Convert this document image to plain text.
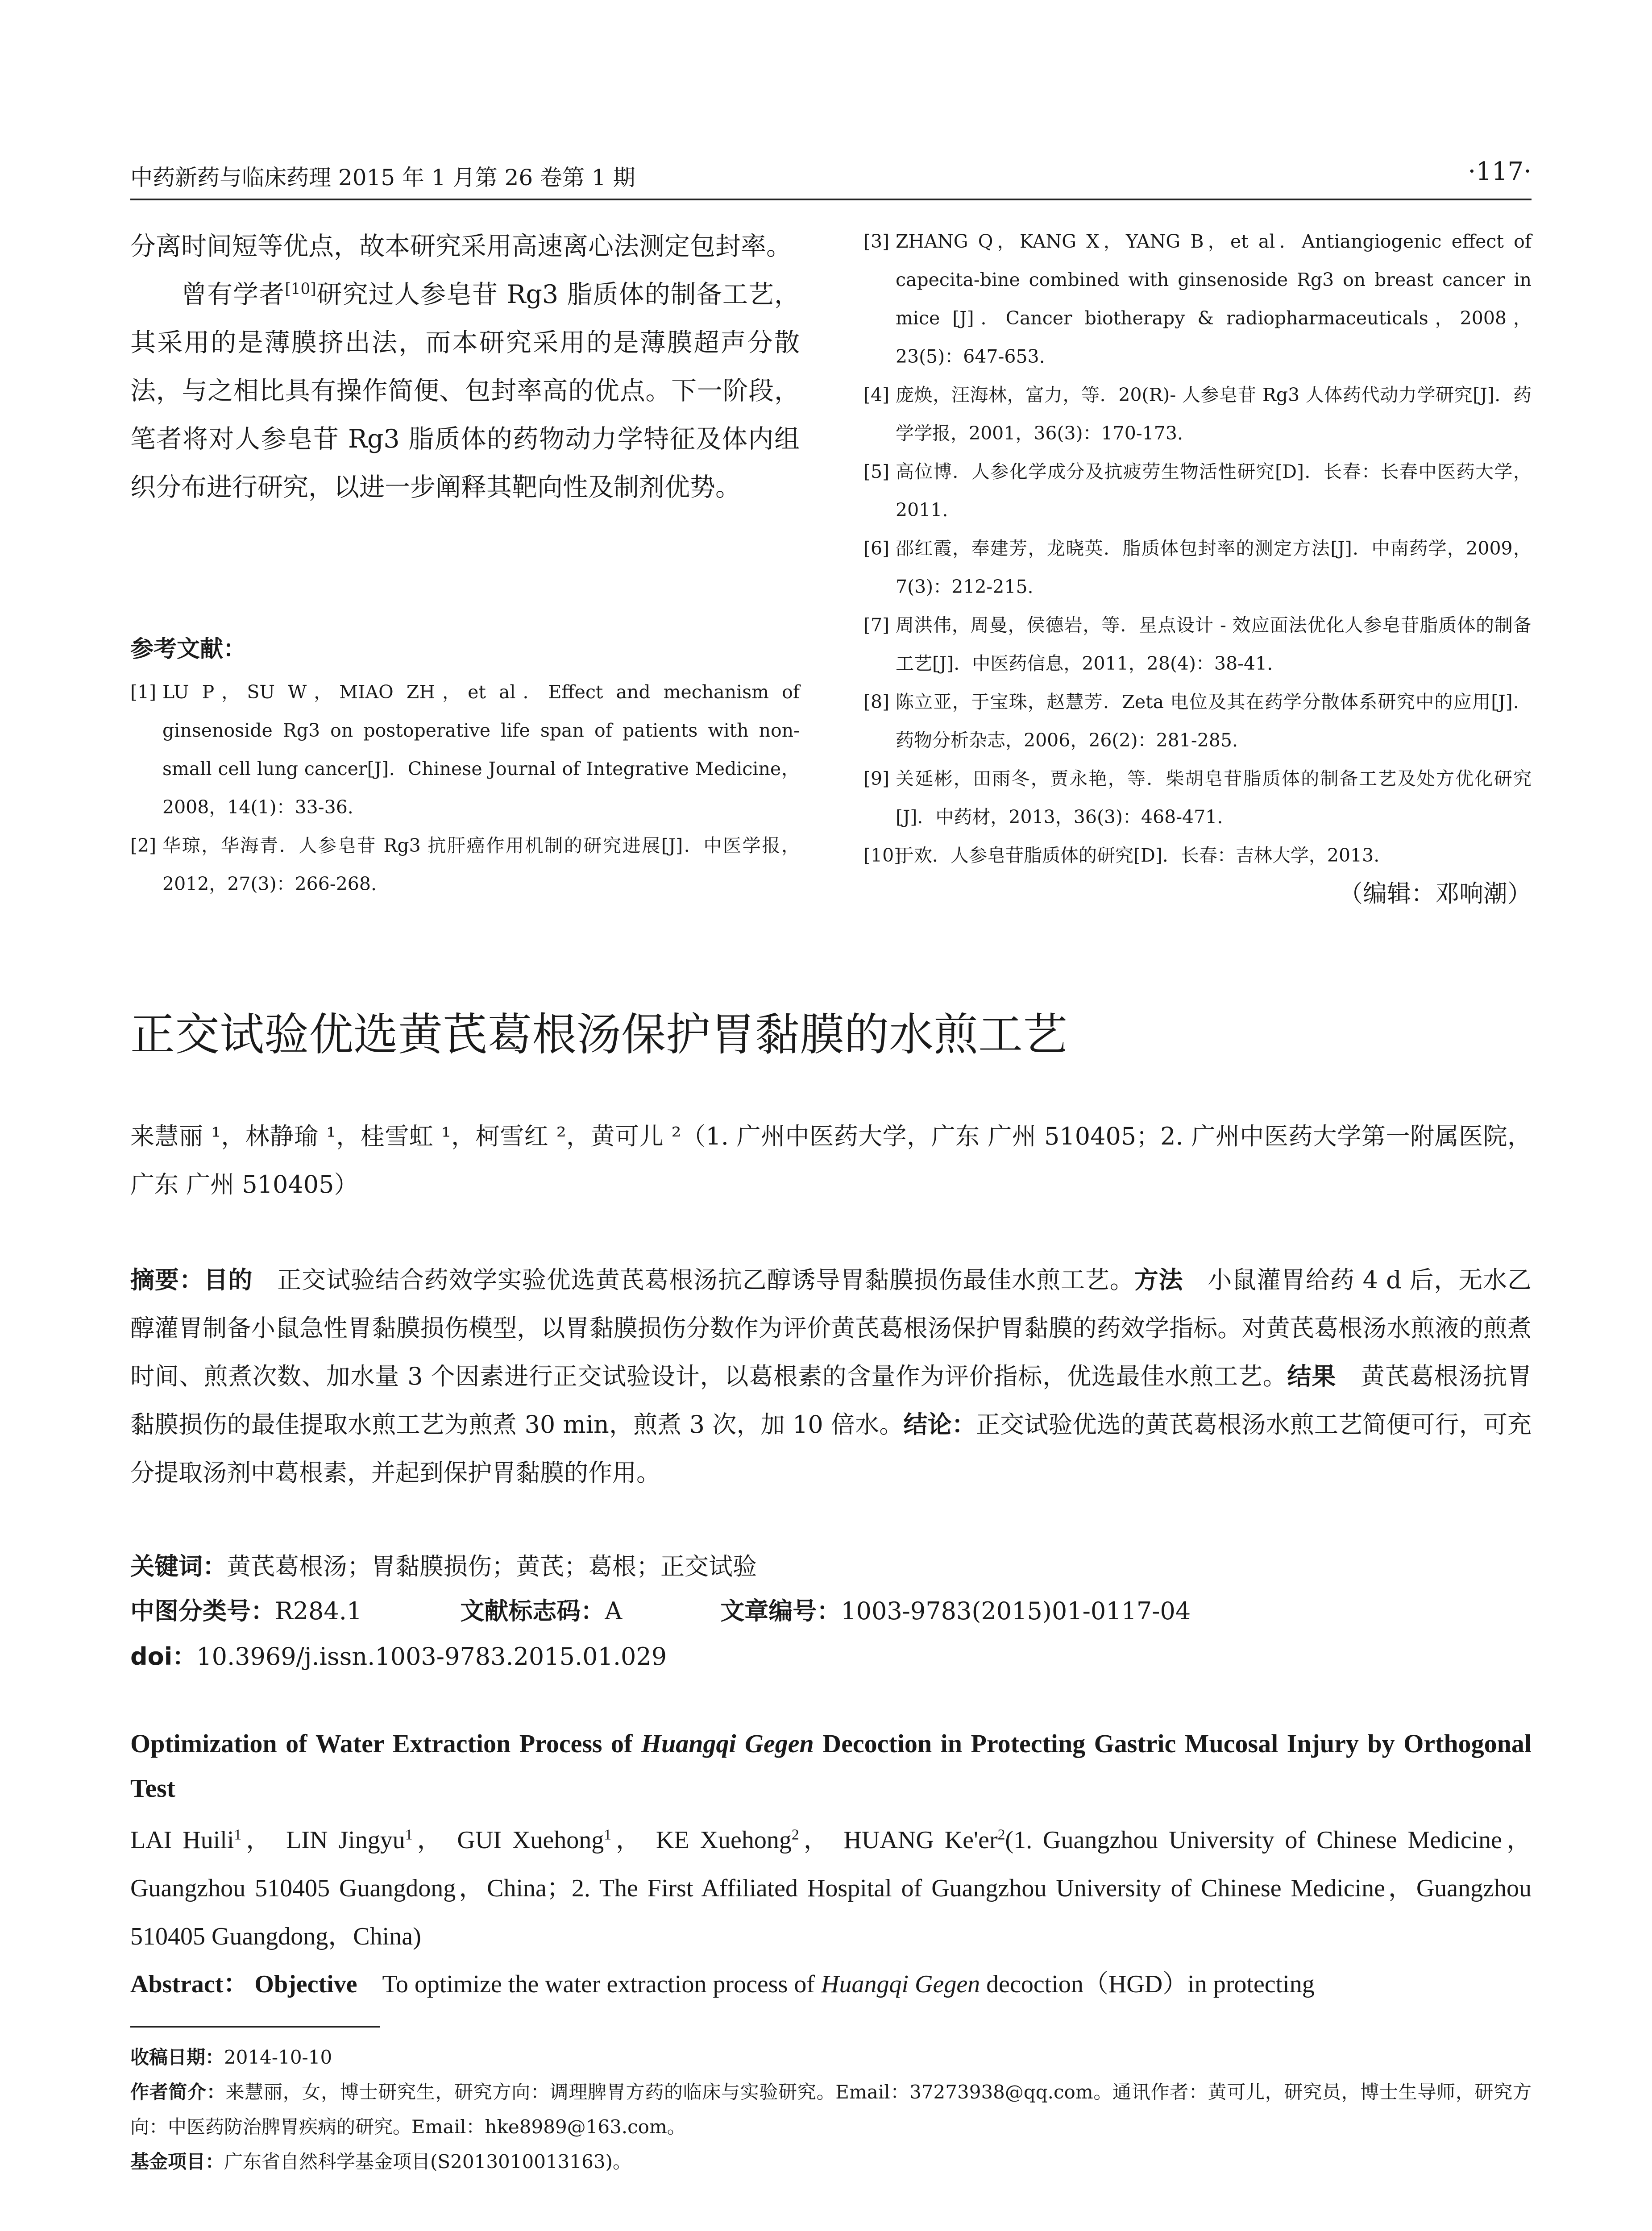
中药新药与临床药理 2015 年 1 月第 26 卷第 1 期	·117·

分离时间短等优点，故本研究采用高速离心法测定包封率。

曾有学者[10]研究过人参皂苷 Rg3 脂质体的制备工艺，其采用的是薄膜挤出法，而本研究采用的是薄膜超声分散法，与之相比具有操作简便、包封率高的优点。下一阶段，笔者将对人参皂苷 Rg3 脂质体的药物动力学特征及体内组织分布进行研究，以进一步阐释其靶向性及制剂优势。

参考文献：
[1] LU P，SU W，MIAO ZH，et al．Effect and mechanism of ginsenoside Rg3 on postoperative life span of patients with non-small cell lung cancer[J]．Chinese Journal of Integrative Medicine，2008，14(1)：33-36.
[2] 华琼，华海青．人参皂苷 Rg3 抗肝癌作用机制的研究进展[J]．中医学报，2012，27(3)：266-268.
[3] ZHANG Q，KANG X，YANG B，et al．Antiangiogenic effect of capecita-bine combined with ginsenoside Rg3 on breast cancer in mice [J]．Cancer biotherapy & radiopharmaceuticals，2008，23(5)：647-653.
[4] 庞焕，汪海林，富力，等．20(R)- 人参皂苷 Rg3 人体药代动力学研究[J]．药学学报，2001，36(3)：170-173.
[5] 高位博．人参化学成分及抗疲劳生物活性研究[D]．长春：长春中医药大学，2011.
[6] 邵红霞，奉建芳，龙晓英．脂质体包封率的测定方法[J]．中南药学，2009，7(3)：212-215.
[7] 周洪伟，周曼，侯德岩，等．星点设计 - 效应面法优化人参皂苷脂质体的制备工艺[J]．中医药信息，2011，28(4)：38-41.
[8] 陈立亚，于宝珠，赵慧芳．Zeta 电位及其在药学分散体系研究中的应用[J]．药物分析杂志，2006，26(2)：281-285.
[9] 关延彬，田雨冬，贾永艳，等．柴胡皂苷脂质体的制备工艺及处方优化研究[J]．中药材，2013，36(3)：468-471.
[10]
于欢．人参皂苷脂质体的研究[D]．长春：吉林大学，2013.
（编辑：邓响潮）
正交试验优选黄芪葛根汤保护胃黏膜的水煎工艺
来慧丽 ¹，林静瑜 ¹，桂雪虹 ¹，柯雪红 ²，黄可儿 ²（1. 广州中医药大学，广东 广州 510405；2. 广州中医药大学第一附属医院，广东 广州 510405）
摘要：目的　 正交试验结合药效学实验优选黄芪葛根汤抗乙醇诱导胃黏膜损伤最佳水煎工艺。方法　 小鼠灌胃给药 4 d 后，无水乙醇灌胃制备小鼠急性胃黏膜损伤模型，以胃黏膜损伤分数作为评价黄芪葛根汤保护胃黏膜的药效学指标。对黄芪葛根汤水煎液的煎煮时间、煎煮次数、加水量 3 个因素进行正交试验设计，以葛根素的含量作为评价指标，优选最佳水煎工艺。结果　 黄芪葛根汤抗胃黏膜损伤的最佳提取水煎工艺为煎煮 30 min，煎煮 3 次，加 10 倍水。结论：正交试验优选的黄芪葛根汤水煎工艺简便可行，可充分提取汤剂中葛根素，并起到保护胃黏膜的作用。
关键词：黄芪葛根汤；胃黏膜损伤；黄芪；葛根；正交试验
中图分类号：R284.1	文献标志码：A	文章编号：1003-9783(2015)01-0117-04
doi：10.3969/j.issn.1003-9783.2015.01.029
Optimization of Water Extraction Process of Huangqi Gegen Decoction in Protecting Gastric Mucosal Injury by Orthogonal Test
LAI Huili$^1$， LIN Jingyu$^1$， GUI Xuehong$^1$， KE Xuehong$^2$， HUANG $Ke'er^2(1$. Guangzhou University of Chinese Medicine，Guangzhou 510405 Guangdong，China；2. The First Affiliated Hospital of Guangzhou University of Chinese Medicine，Guangzhou 510405 Guangdong，China)
Abstract： Objective　 To optimize the water extraction process of Huangqi Gegen decoction（HGD）in protecting
收稿日期：2014-10-10
作者简介：来慧丽，女，博士研究生，研究方向：调理脾胃方药的临床与实验研究。Email：37273938@qq.com。通讯作者：黄可儿，研究员，博士生导师，研究方向：中医药防治脾胃疾病的研究。Email：hke8989@163.com。
基金项目：广东省自然科学基金项目(S2013010013163)。
